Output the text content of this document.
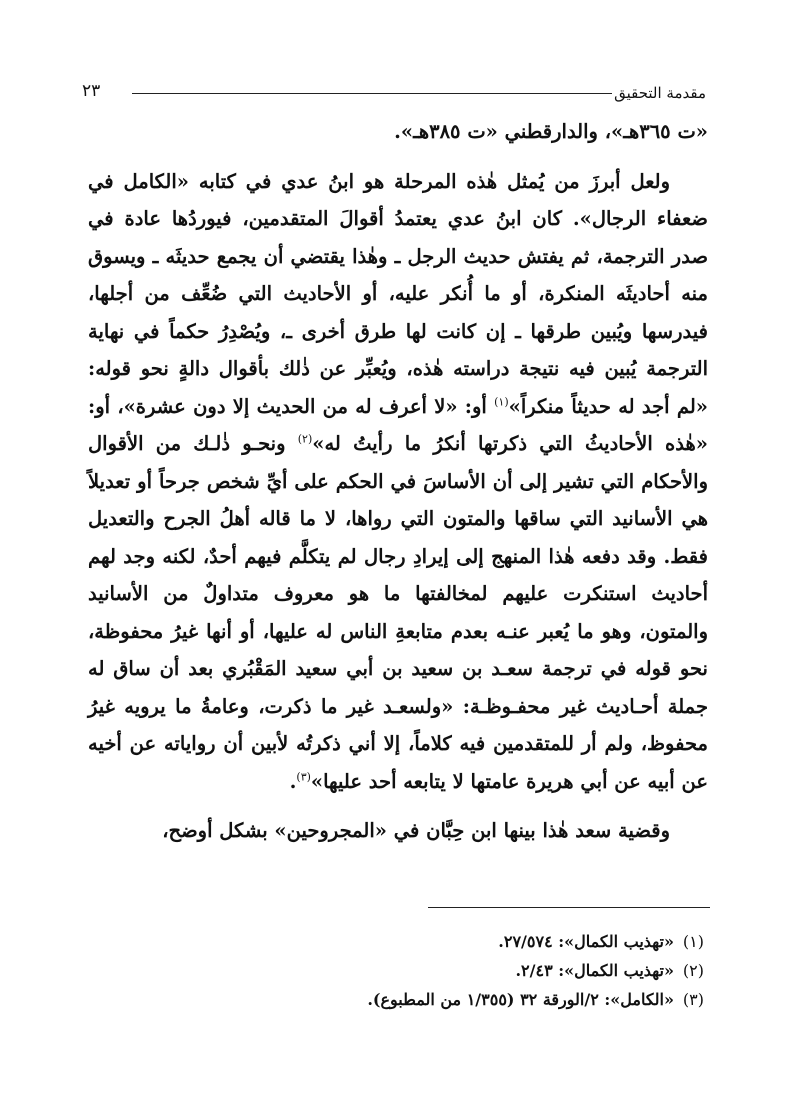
مقدمة التحقيق
٢٣

«ت ٣٦٥هـ»، والدارقطني «ت ٣٨٥هـ».

ولعل أبرزَ من يُمثل هٰذه المرحلة هو ابنُ عدي في كتابه «الكامل في ضعفاء الرجال». كان ابنُ عدي يعتمدُ أقوالَ المتقدمين، فيوردُها عادة في صدر الترجمة، ثم يفتش حديث الرجل ـ وهٰذا يقتضي أن يجمع حديثَه ـ ويسوق منه أحاديثَه المنكرة، أو ما أُنكر عليه، أو الأحاديث التي ضُعِّف من أجلها، فيدرسها ويُبين طرقها ـ إن كانت لها طرق أخرى ـ، ويُصْدِرُ حكماً في نهاية الترجمة يُبين فيه نتيجة دراسته هٰذه، ويُعبِّر عن ذٰلك بأقوال دالةٍ نحو قوله: «لم أجد له حديثاً منكراً»$^{(١)}$ أو: «لا أعرف له من الحديث إلا دون عشرة»، أو: «هٰذه الأحاديثُ التي ذكرتها أنكرُ ما رأيتُ له»$^{(٢)}$ ونحـو ذٰلـك من الأقوال والأحكام التي تشير إلى أن الأساسَ في الحكم على أيِّ شخص جرحاً أو تعديلاً هي الأسانيد التي ساقها والمتون التي رواها، لا ما قاله أهلُ الجرح والتعديل فقط. وقد دفعه هٰذا المنهج إلى إيرادِ رجال لم يتكلَّم فيهم أحدٌ، لكنه وجد لهم أحاديث استنكرت عليهم لمخالفتها ما هو معروف متداولٌ من الأسانيد والمتون، وهو ما يُعبر عنـه بعدم متابعةِ الناس له عليها، أو أنها غيرُ محفوظة، نحو قوله في ترجمة سعـد بن سعيد بن أبي سعيد المَقْبُري بعد أن ساق له جملة أحـاديث غير محفـوظـة: «ولسعـد غير ما ذكرت، وعامةُ ما يرويه غيرُ محفوظ، ولم أر للمتقدمين فيه كلاماً، إلا أني ذكرتُه لأبين أن رواياته عن أخيه عن أبيه عن أبي هريرة عامتها لا يتابعه أحد عليها»$^{(٣)}$.

وقضية سعد هٰذا بينها ابن حِبَّان في «المجروحين» بشكل أوضح،

(١)«تهذيب الكمال»: ٢٧/٥٧٤.

(٢)«تهذيب الكمال»: ٢/٤٣.

(٣)«الكامل»: ٢/الورقة ٣٢ (١/٣٥٥ من المطبوع).
